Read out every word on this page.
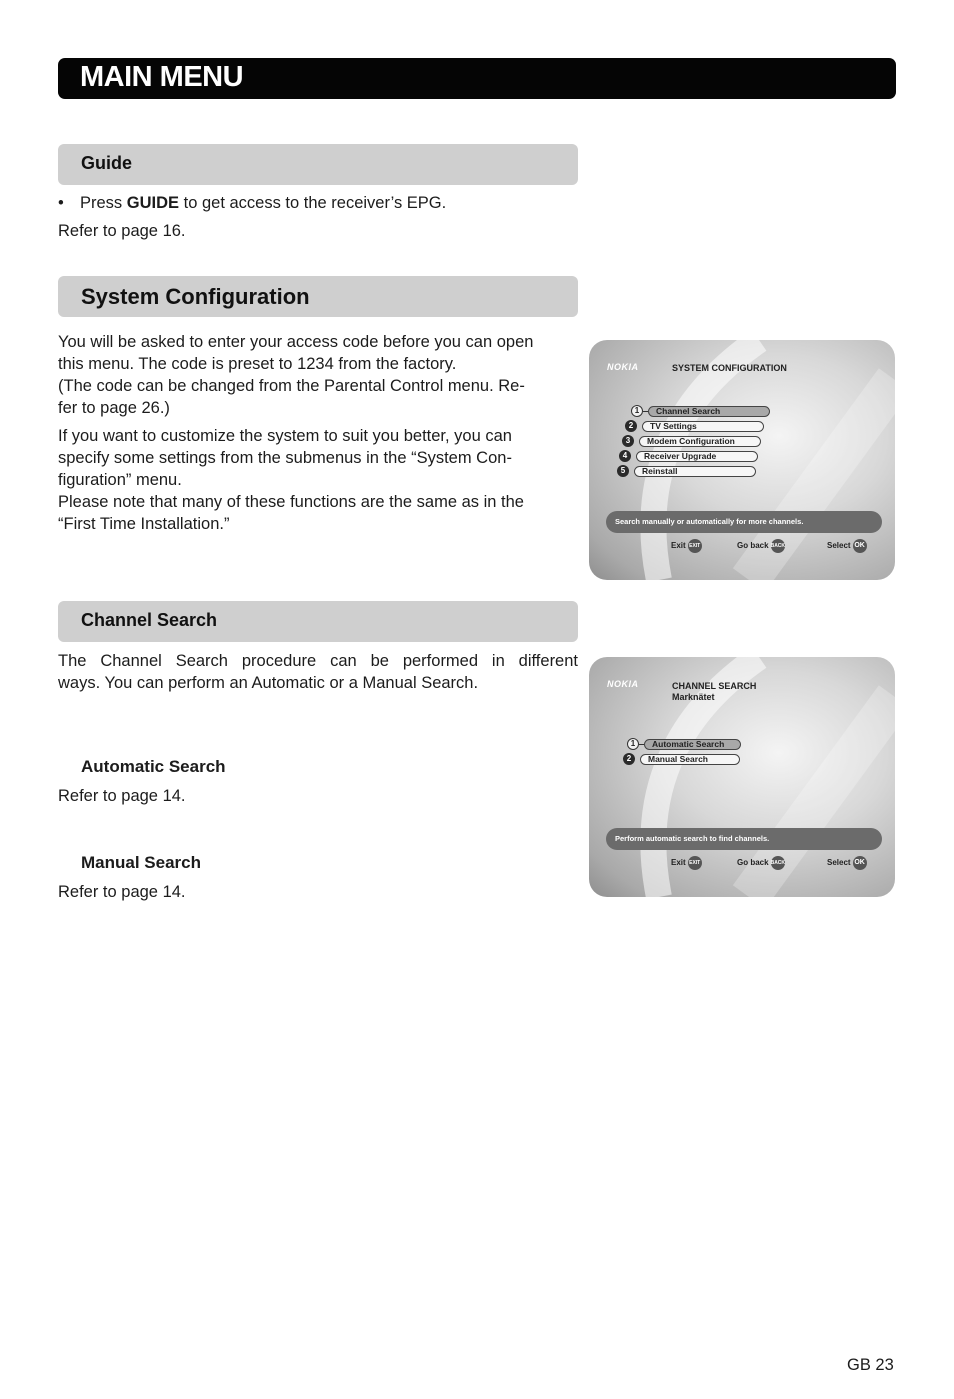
MAIN MENU
Guide
• Press GUIDE to get access to the receiver’s EPG.
Refer to page 16.
System Configuration
You will be asked to enter your access code before you can open
this menu. The code is preset to 1234 from the factory.
(The code can be changed from the Parental Control menu. Re-
fer to page 26.)
If you want to customize the system to suit you better, you can
specify some settings from the submenus in the “System Con-
figuration” menu.
Please note that many of these functions are the same as in the
“First Time Installation.”
NOKIA	SYSTEM CONFIGURATION
1	Channel Search
2	TV Settings
3	Modem Configuration
4	Receiver Upgrade
5	Reinstall
Search manually or automatically for more channels.
Exit EXIT	Go back BACK	Select OK
Channel Search
The Channel Search procedure can be performed in different
ways. You can perform an Automatic or a Manual Search.
Automatic Search
Refer to page 14.
Manual Search
Refer to page 14.
NOKIA	CHANNEL SEARCH
Marknätet
1	Automatic Search
2	Manual Search
Perform automatic search to find channels.
Exit EXIT	Go back BACK	Select OK
GB 23
